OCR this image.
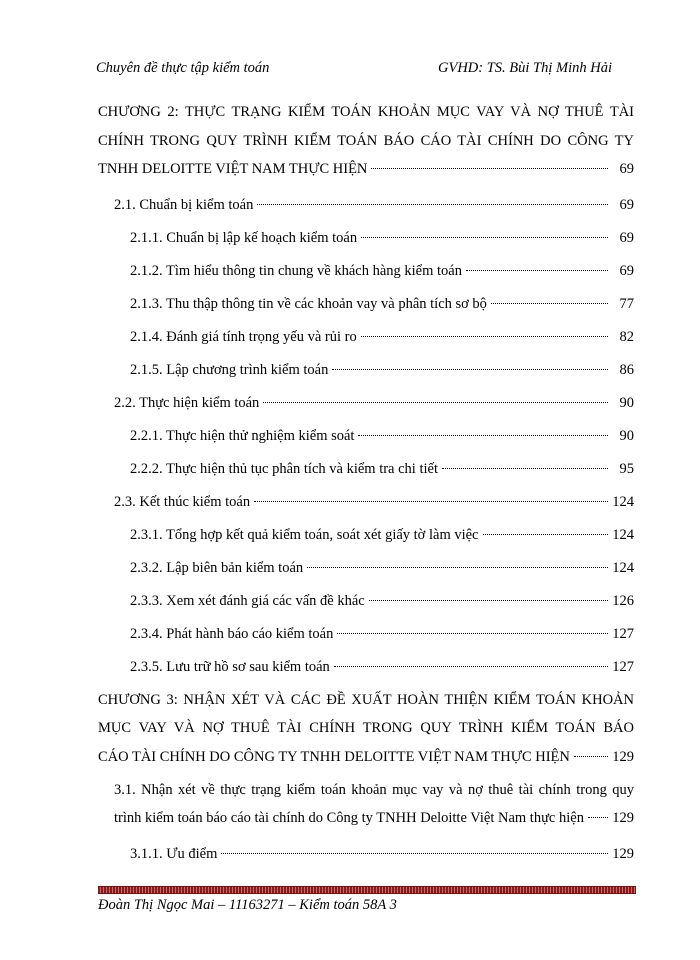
Chuyên đề thực tập kiểm toán	GVHD: TS. Bùi Thị Minh Hải
CHƯƠNG 2: THỰC TRẠNG KIỂM TOÁN KHOẢN MỤC VAY VÀ NỢ THUÊ TÀI
CHÍNH TRONG QUY TRÌNH KIỂM TOÁN BÁO CÁO TÀI CHÍNH DO CÔNG TY
TNHH DELOITTE VIỆT NAM THỰC HIỆN	69
2.1. Chuẩn bị kiểm toán	69
2.1.1. Chuẩn bị lập kế hoạch kiểm toán	69
2.1.2. Tìm hiểu thông tin chung về khách hàng kiểm toán	69
2.1.3. Thu thập thông tin về các khoản vay và phân tích sơ bộ	77
2.1.4. Đánh giá tính trọng yếu và rủi ro	82
2.1.5. Lập chương trình kiểm toán	86
2.2. Thực hiện kiểm toán	90
2.2.1. Thực hiện thử nghiệm kiểm soát	90
2.2.2. Thực hiện thủ tục phân tích và kiểm tra chi tiết	95
2.3. Kết thúc kiểm toán	124
2.3.1. Tổng hợp kết quả kiểm toán, soát xét giấy tờ làm việc	124
2.3.2. Lập biên bản kiểm toán	124
2.3.3. Xem xét đánh giá các vấn đề khác	126
2.3.4. Phát hành báo cáo kiểm toán	127
2.3.5. Lưu trữ hồ sơ sau kiểm toán	127
CHƯƠNG 3: NHẬN XÉT VÀ CÁC ĐỀ XUẤT HOÀN THIỆN KIỂM TOÁN KHOẢN
MỤC VAY VÀ NỢ THUÊ TÀI CHÍNH TRONG QUY TRÌNH KIỂM TOÁN BÁO
CÁO TÀI CHÍNH DO CÔNG TY TNHH DELOITTE VIỆT NAM THỰC HIỆN	129
3.1. Nhận xét về thực trạng kiểm toán khoản mục vay và nợ thuê tài chính trong quy
trình kiểm toán báo cáo tài chính do Công ty TNHH Deloitte Việt Nam thực hiện 129
3.1.1. Ưu điểm	129
Đoàn Thị Ngọc Mai – 11163271 – Kiểm toán 58A 3
